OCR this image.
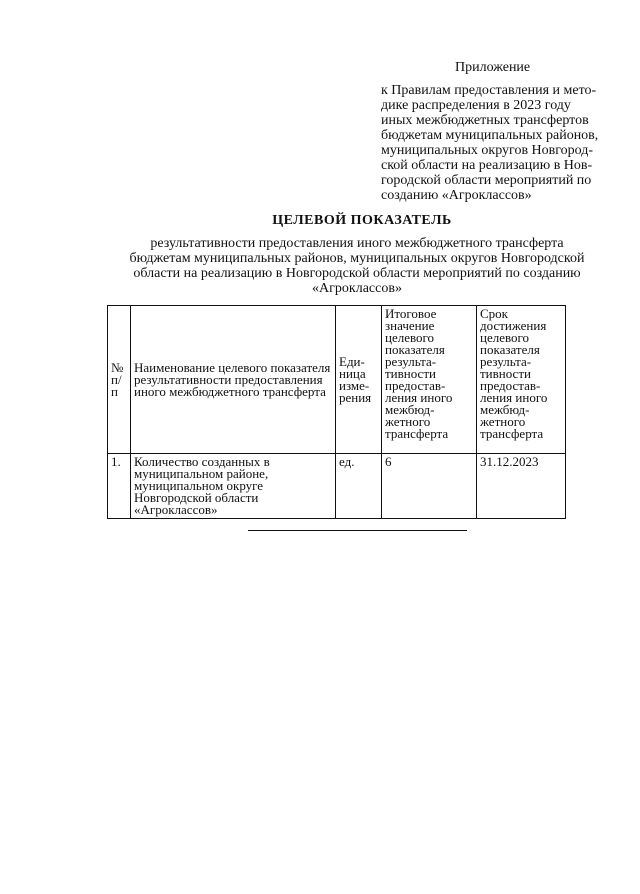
Приложение
к Правилам предоставления и мето-
дике распределения в 2023 году
иных межбюджетных трансфертов
бюджетам муниципальных районов,
муниципальных округов Новгород-
ской области на реализацию в Нов-
городской области мероприятий по
созданию «Агроклассов»
ЦЕЛЕВОЙ ПОКАЗАТЕЛЬ
результативности предоставления иного межбюджетного трансферта
бюджетам муниципальных районов, муниципальных округов Новгородской
области на реализацию в Новгородской области мероприятий по созданию
«Агроклассов»
№ п/п	Наименование целевого показателя результативности предоставления иного межбюджетного трансферта	Еди-ница изме-рения	Итоговое значение целевого показателя результа-тивности предостав-ления иного межбюд-жетного трансферта	Срок достижения целевого показателя результа-тивности предостав-ления иного межбюд-жетного трансферта
1.	Количество созданных в муниципальном районе, муниципальном округе Новгородской области «Агроклассов»	ед.	6	31.12.2023
